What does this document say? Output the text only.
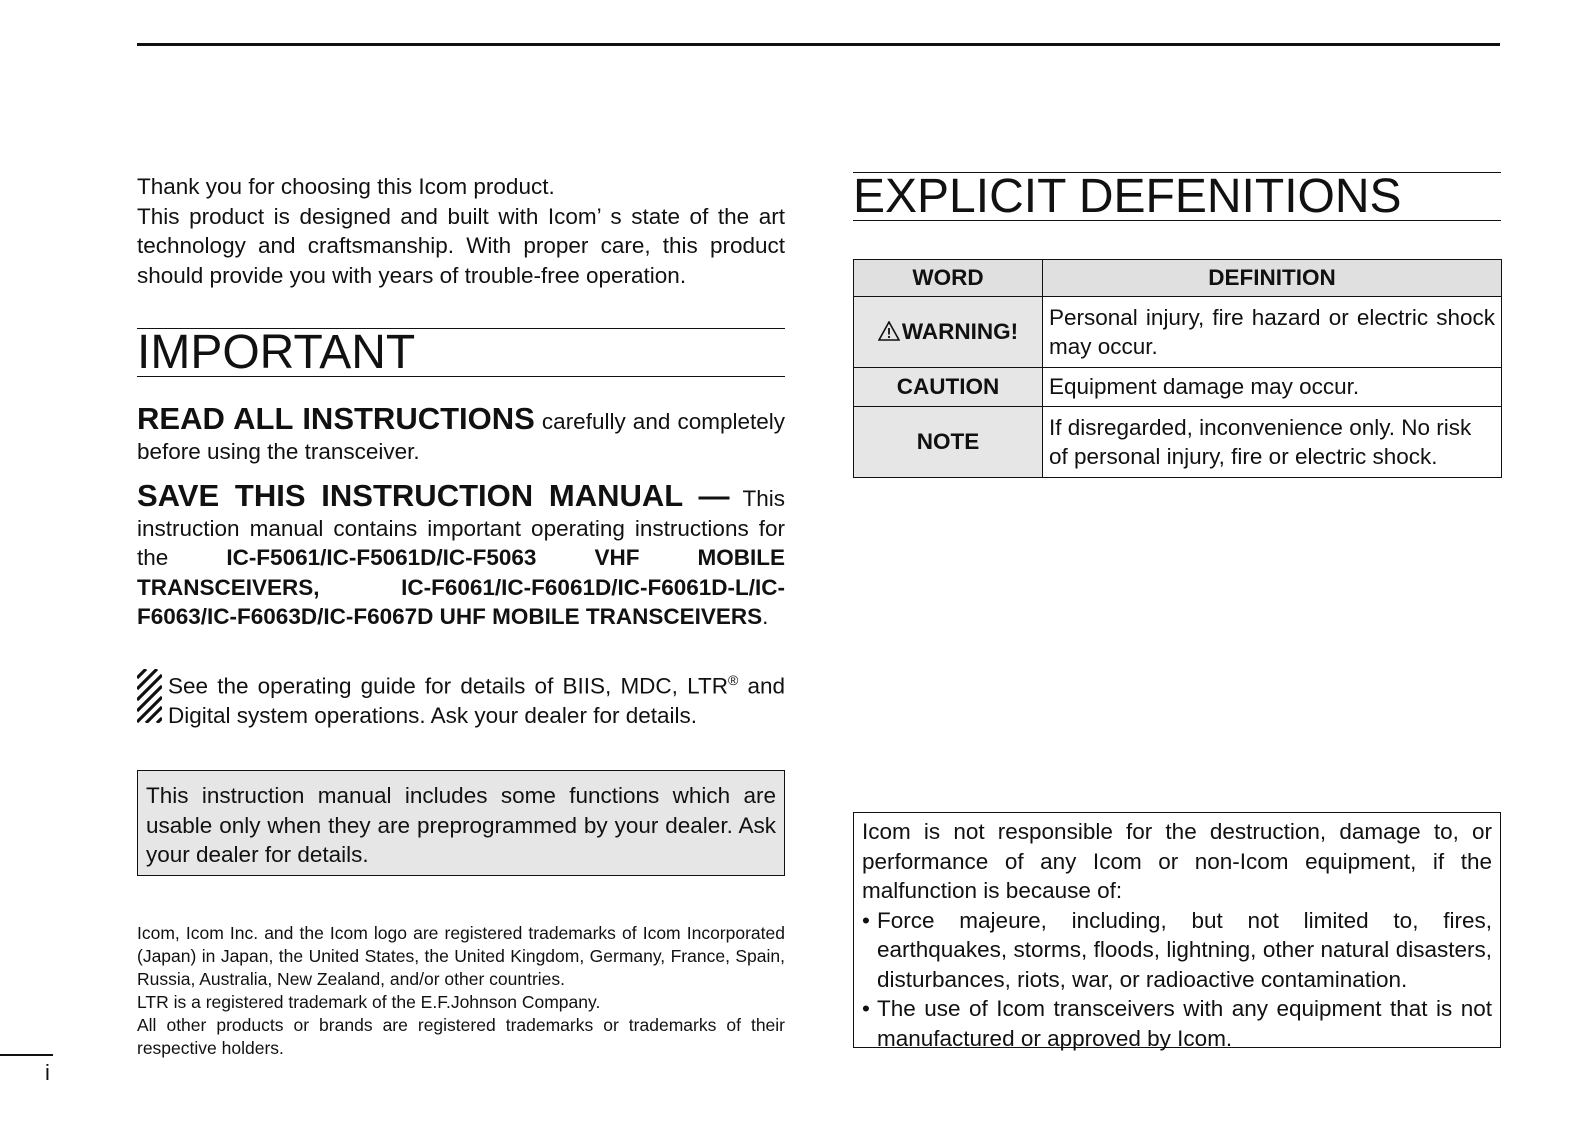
Thank you for choosing this Icom product.

This product is designed and built with Icom’ s state of the art technology and craftsmanship. With proper care, this product should provide you with years of trouble-free operation.

IMPORTANT

READ ALL INSTRUCTIONS carefully and completely before using the transceiver.

SAVE THIS INSTRUCTION MANUAL — This instruction manual contains important operating instructions for the IC-F5061/IC-F5061D/IC-F5063 VHF MOBILE TRANSCEIVERS, IC-F6061/IC-F6061D/IC-F6061D-L/IC-F6063/IC-F6063D/IC-F6067D UHF MOBILE TRANSCEIVERS.

See the operating guide for details of BIIS, MDC, LTR® and Digital system operations. Ask your dealer for details.

This instruction manual includes some functions which are usable only when they are preprogrammed by your dealer. Ask your dealer for details.

Icom, Icom Inc. and the Icom logo are registered trademarks of Icom Incorporated (Japan) in Japan, the United States, the United Kingdom, Germany, France, Spain, Russia, Australia, New Zealand, and/or other countries.

LTR is a registered trademark of the E.F.Johnson Company.

All other products or brands are registered trademarks or trademarks of their respective holders.

i
EXPLICIT DEFENITIONS
WORD	DEFINITION
WARNING!	Personal injury, fire hazard or electric shock may occur.
CAUTION	Equipment damage may occur.
NOTE	If disregarded, inconvenience only. No risk of personal injury, fire or electric shock.

Icom is not responsible for the destruction, damage to, or performance of any Icom or non-Icom equipment, if the malfunction is because of:

• Force majeure, including, but not limited to, fires, earthquakes, storms, floods, lightning, other natural disasters, disturbances, riots, war, or radioactive contamination.
• The use of Icom transceivers with any equipment that is not manufactured or approved by Icom.
